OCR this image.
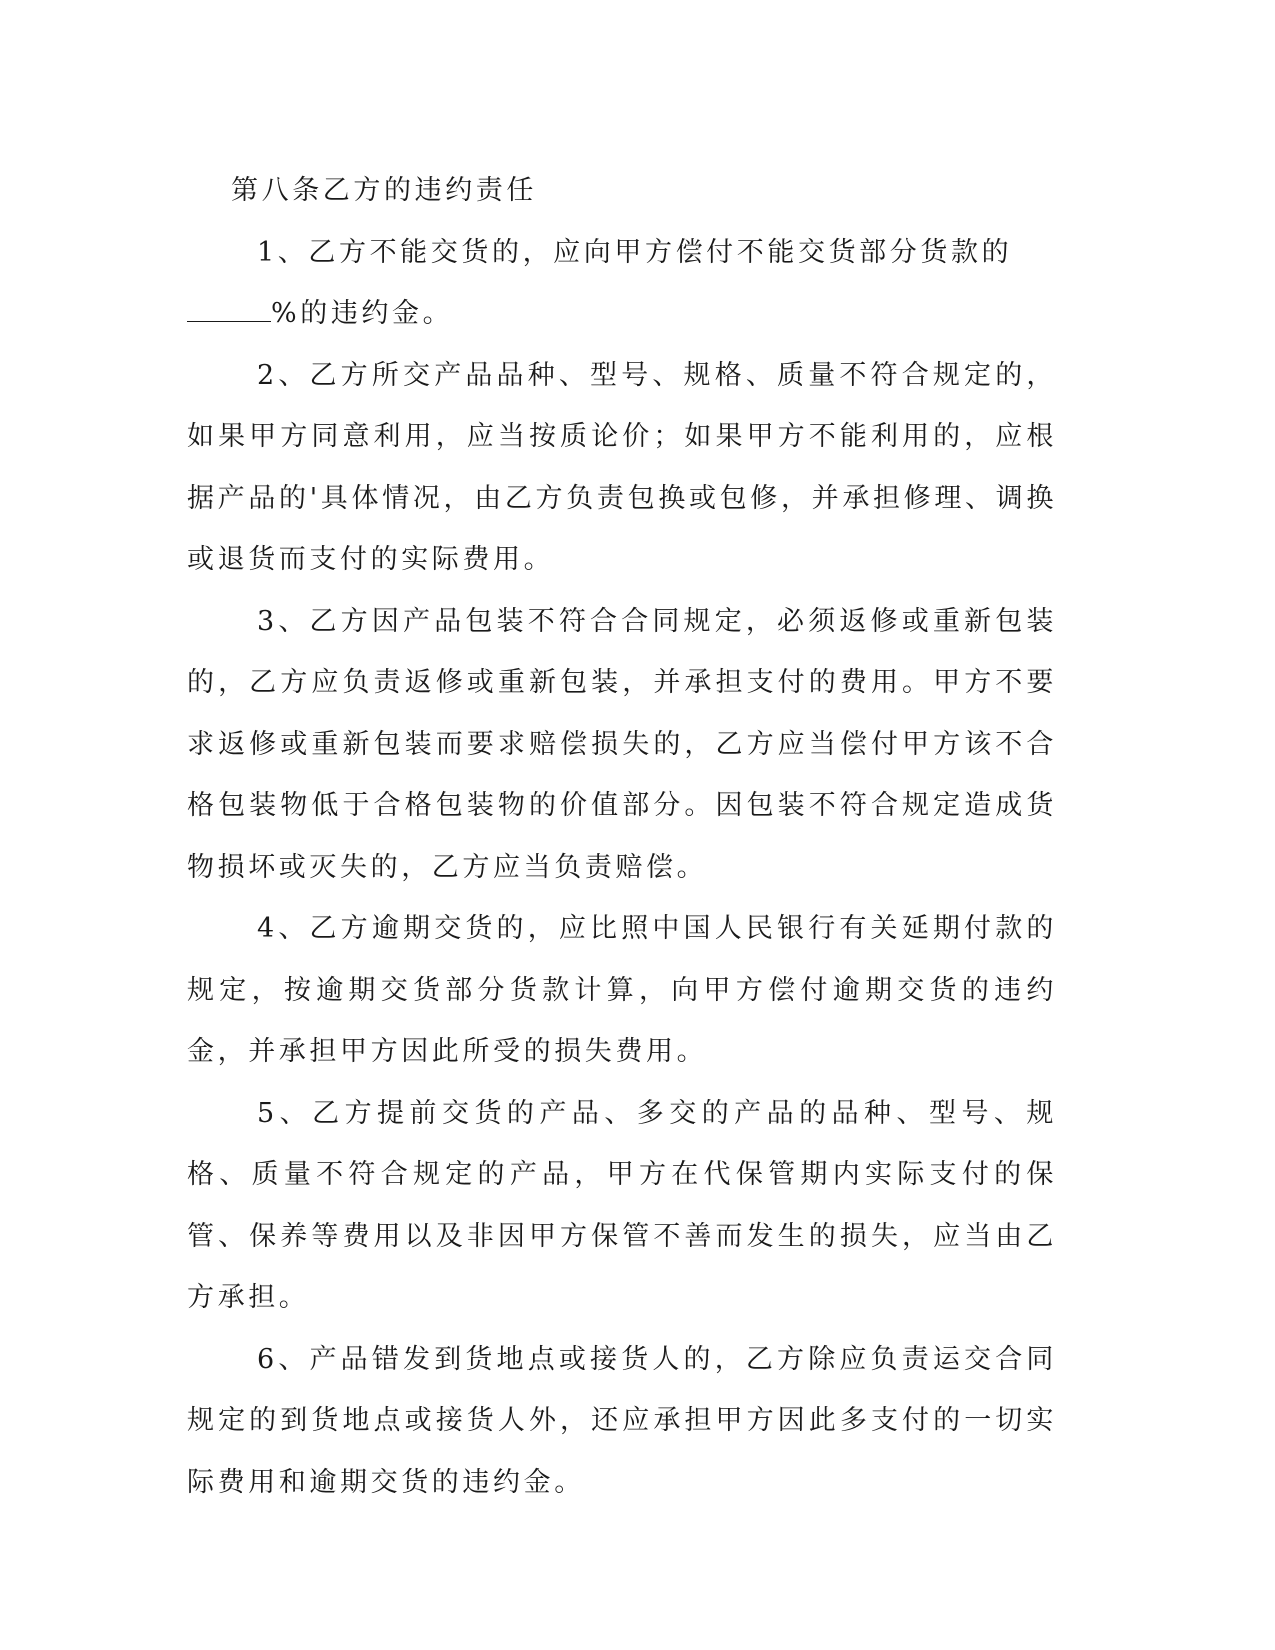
第八条乙方的违约责任

1、乙方不能交货的，应向甲方偿付不能交货部分货款的
%的违约金。

2、乙方所交产品品种、型号、规格、质量不符合规定的，如果甲方同意利用，应当按质论价；如果甲方不能利用的，应根据产品的'具体情况，由乙方负责包换或包修，并承担修理、调换或退货而支付的实际费用。

3、乙方因产品包装不符合合同规定，必须返修或重新包装的，乙方应负责返修或重新包装，并承担支付的费用。甲方不要求返修或重新包装而要求赔偿损失的，乙方应当偿付甲方该不合格包装物低于合格包装物的价值部分。因包装不符合规定造成货物损坏或灭失的，乙方应当负责赔偿。

4、乙方逾期交货的，应比照中国人民银行有关延期付款的规定，按逾期交货部分货款计算，向甲方偿付逾期交货的违约金，并承担甲方因此所受的损失费用。

5、乙方提前交货的产品、多交的产品的品种、型号、规格、质量不符合规定的产品，甲方在代保管期内实际支付的保管、保养等费用以及非因甲方保管不善而发生的损失，应当由乙方承担。

6、产品错发到货地点或接货人的，乙方除应负责运交合同规定的到货地点或接货人外，还应承担甲方因此多支付的一切实际费用和逾期交货的违约金。
